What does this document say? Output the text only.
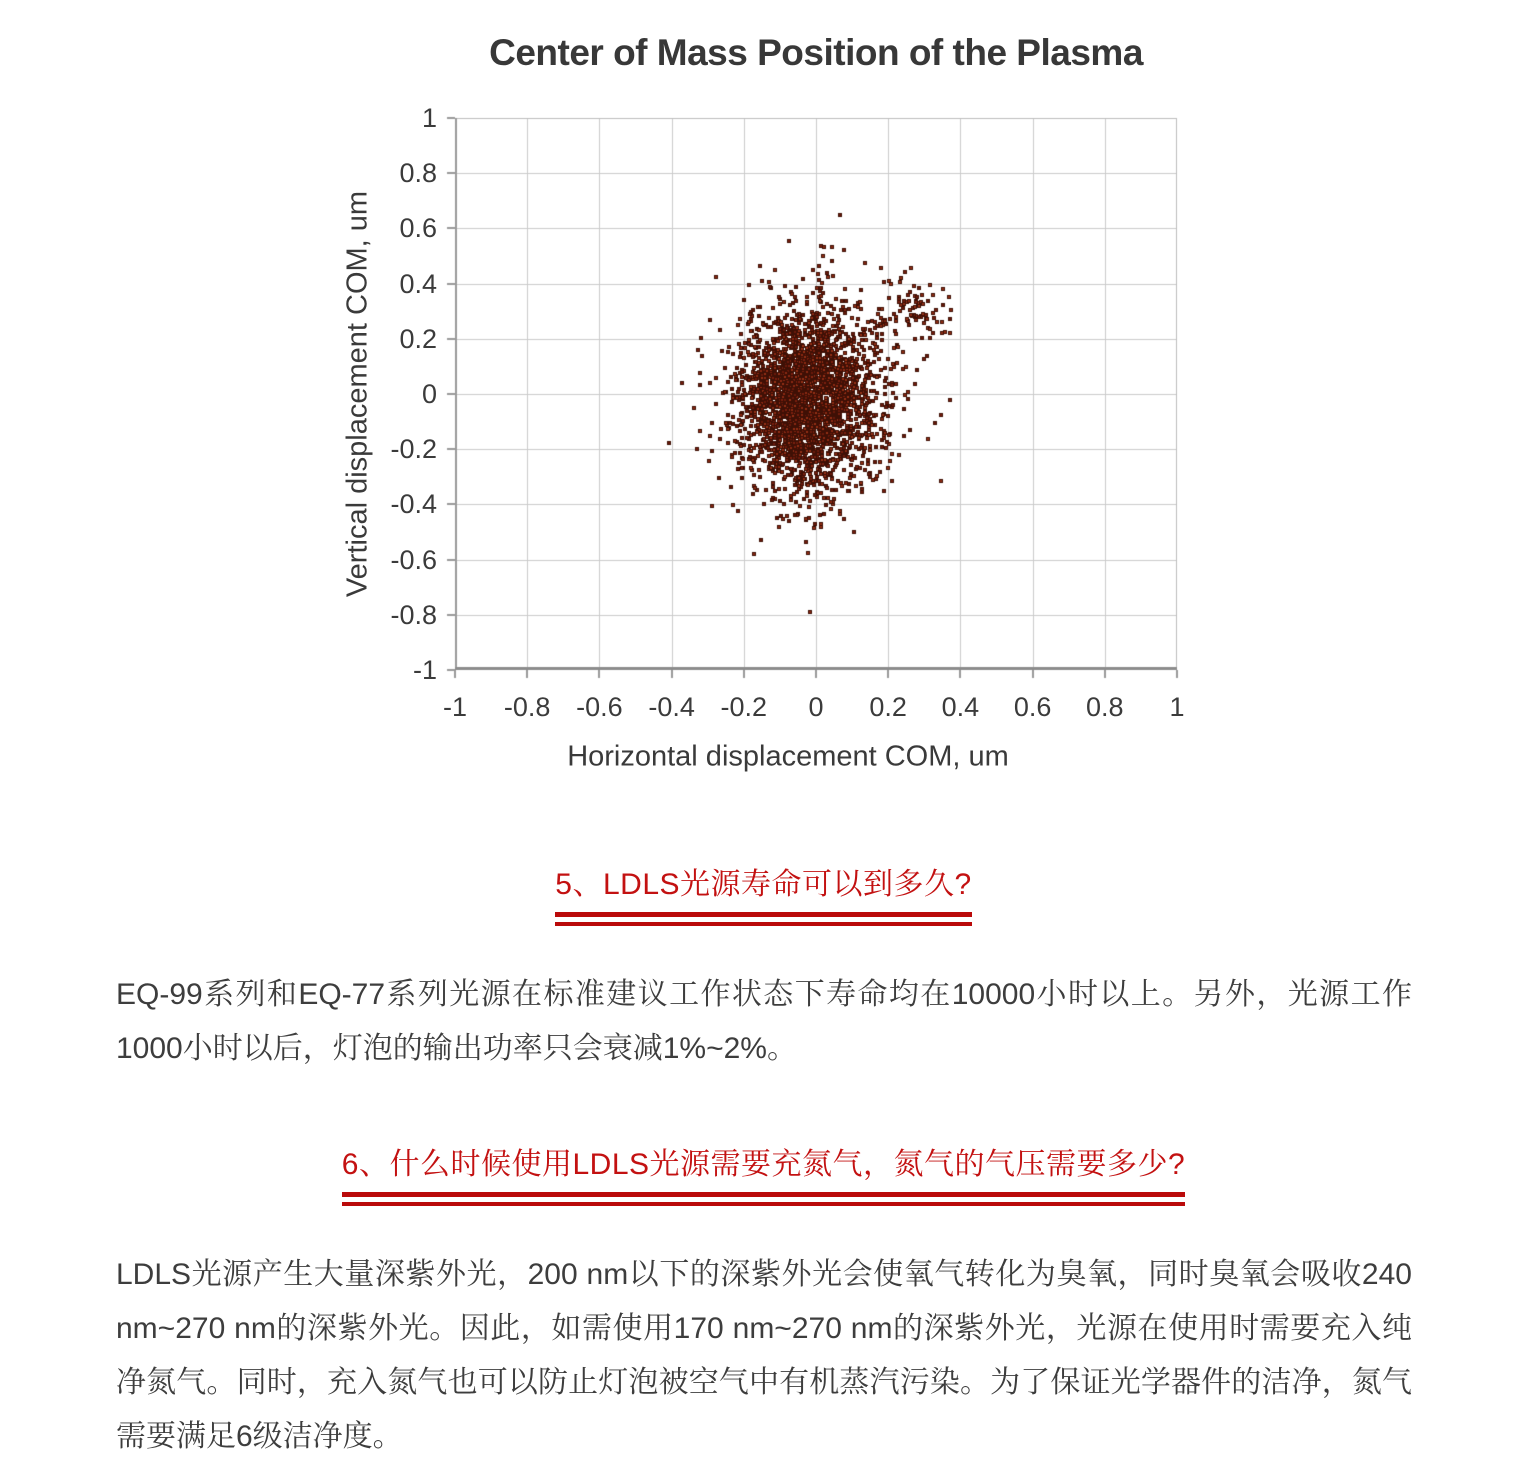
Center of Mass Position of the Plasma
1
0.8
0.6
0.4
0.2
0
-0.2
-0.4
-0.6
-0.8
-1
-1	-0.8 -0.6 -0.4 -0.2	0	0.2	0.4	0.6	0.8	1
Vertical displacement COM, um
Horizontal displacement COM, um
5、LDLS光源寿命可以到多久?
EQ-99系列和EQ-77系列光源在标准建议工作状态下寿命均在10000小时以上。另外，光源工作1000小时以后，灯泡的输出功率只会衰减1%~2%。
6、什么时候使用LDLS光源需要充氮气，氮气的气压需要多少?
LDLS光源产生大量深紫外光，200 nm以下的深紫外光会使氧气转化为臭氧，同时臭氧会吸收240 nm~270 nm的深紫外光。因此，如需使用170 nm~270 nm的深紫外光，光源在使用时需要充入纯净氮气。同时，充入氮气也可以防止灯泡被空气中有机蒸汽污染。为了保证光学器件的洁净，氮气需要满足6级洁净度。
